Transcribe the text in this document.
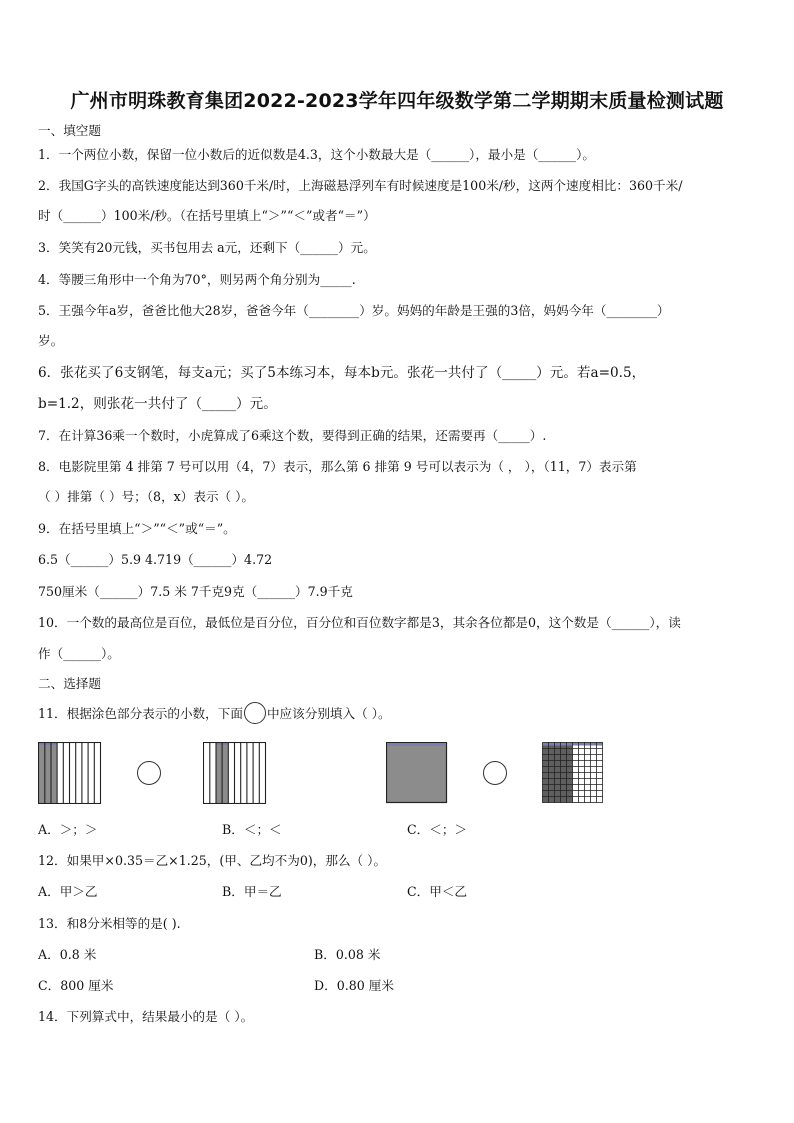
广州市明珠教育集团2022-2023学年四年级数学第二学期期末质量检测试题
一、填空题
1．一个两位小数，保留一位小数后的近似数是4.3，这个小数最大是（______），最小是（______）。
2．我国G字头的高铁速度能达到360千米/时，上海磁悬浮列车有时候速度是100米/秒，这两个速度相比：360千米/
时（______）100米/秒。（在括号里填上“＞”“＜”或者“＝”）
3．笑笑有20元钱，买书包用去 a元，还剩下（______）元。
4．等腰三角形中一个角为70°，则另两个角分别为_____.
5．王强今年a岁，爸爸比他大28岁，爸爸今年（________）岁。妈妈的年龄是王强的3倍，妈妈今年（________）
岁。
6．张花买了6支钢笔，每支a元；买了5本练习本，每本b元。张花一共付了（_____）元。若a=0.5，
b=1.2，则张花一共付了（_____）元。
7．在计算36乘一个数时，小虎算成了6乘这个数，要得到正确的结果，还需要再（_____）.
8．电影院里第 4 排第 7 号可以用（4，7）表示，那么第 6 排第 9 号可以表示为（ ， ），（11，7）表示第
（ ）排第（ ）号；（8，x）表示（ ）。
9．在括号里填上“＞”“＜”或“＝”。
6.5（______）5.9 4.719（______）4.72
750厘米（______）7.5 米 7千克9克（______）7.9千克
10．一个数的最高位是百位，最低位是百分位，百分位和百位数字都是3，其余各位都是0，这个数是（______），读
作（______）。
二、选择题
11．根据涂色部分表示的小数，下面 中应该分别填入（ ）。
A．＞；＞	B．＜；＜	C．＜；＞
12．如果甲×0.35＝乙×1.25，(甲、乙均不为0)，那么（ ）。
A．甲＞乙	B．甲＝乙	C．甲＜乙
13．和8分米相等的是( ).
A．0.8 米	B．0.08 米
C．800 厘米	D．0.80 厘米
14．下列算式中，结果最小的是（ ）。
